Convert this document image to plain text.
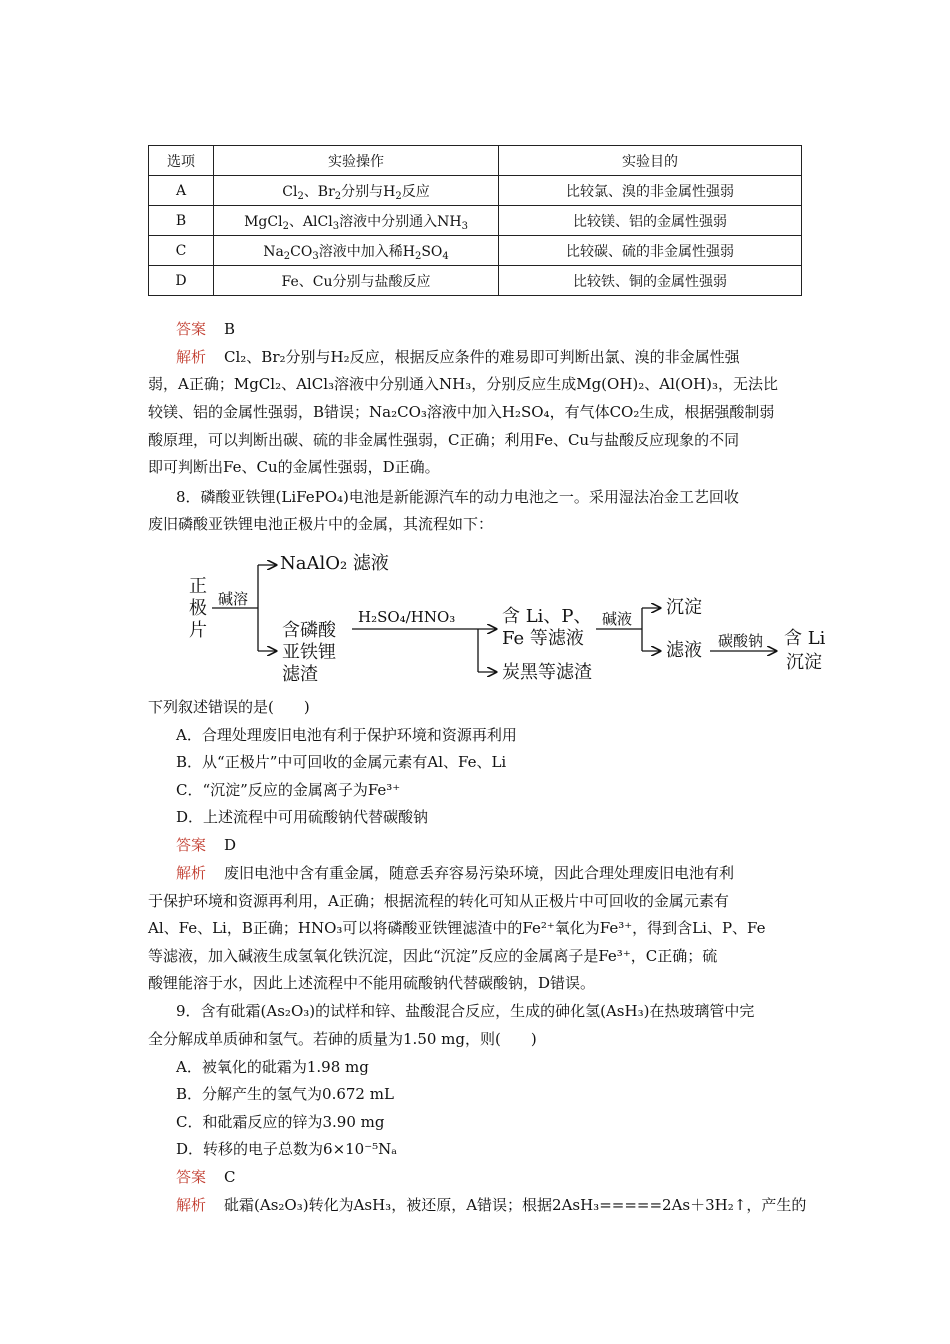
选项	实验操作	实验目的
A	$Cl_2$、$Br_2$分别与$H_2$反应	比较氯、溴的非金属性强弱
B	MgCl$_2$、AlCl$_3$溶液中分别通入$NH_3$	比较镁、铝的金属性强弱
C	$Na_2CO_3$溶液中加入稀$H_2SO_4$	比较碳、硫的非金属性强弱
D	Fe、Cu分别与盐酸反应	比较铁、铜的金属性强弱
答案 B
解析 Cl₂、Br₂分别与H₂反应，根据反应条件的难易即可判断出氯、溴的非金属性强
弱，A正确；MgCl₂、AlCl₃溶液中分别通入NH₃，分别反应生成Mg(OH)₂、Al(OH)₃，无法比
较镁、铝的金属性强弱，B错误；Na₂CO₃溶液中加入H₂SO₄，有气体CO₂生成，根据强酸制弱
酸原理，可以判断出碳、硫的非金属性强弱，C正确；利用Fe、Cu与盐酸反应现象的不同
即可判断出Fe、Cu的金属性强弱，D正确。
8．磷酸亚铁锂(LiFePO₄)电池是新能源汽车的动力电池之一。采用湿法冶金工艺回收
废旧磷酸亚铁锂电池正极片中的金属，其流程如下：
正极片
碱溶
NaAlO₂ 滤液
含磷酸
亚铁锂
滤渣
H₂SO₄/HNO₃	含 Li、P、
Fe 等滤液
炭黑等滤渣
碱液
沉淀
滤液 碳酸钠 含 Li
沉淀
下列叙述错误的是(　　)
A．合理处理废旧电池有利于保护环境和资源再利用
B．从“正极片”中可回收的金属元素有Al、Fe、Li
C．“沉淀”反应的金属离子为Fe³⁺
D．上述流程中可用硫酸钠代替碳酸钠
答案 D
解析 废旧电池中含有重金属，随意丢弃容易污染环境，因此合理处理废旧电池有利
于保护环境和资源再利用，A正确；根据流程的转化可知从正极片中可回收的金属元素有
Al、Fe、Li，B正确；HNO₃可以将磷酸亚铁锂滤渣中的Fe²⁺氧化为Fe³⁺，得到含Li、P、Fe
等滤液，加入碱液生成氢氧化铁沉淀，因此“沉淀”反应的金属离子是Fe³⁺，C正确；硫
酸锂能溶于水，因此上述流程中不能用硫酸钠代替碳酸钠，D错误。
9．含有砒霜(As₂O₃)的试样和锌、盐酸混合反应，生成的砷化氢(AsH₃)在热玻璃管中完
全分解成单质砷和氢气。若砷的质量为1.50 mg，则(　　)
A．被氧化的砒霜为1.98 mg
B．分解产生的氢气为0.672 mL
C．和砒霜反应的锌为3.90 mg
D．转移的电子总数为6×10⁻⁵Nₐ
答案 C
解析 砒霜(As₂O₃)转化为AsH₃，被还原，A错误；根据2AsH₃=====2As＋3H₂↑，产生的
